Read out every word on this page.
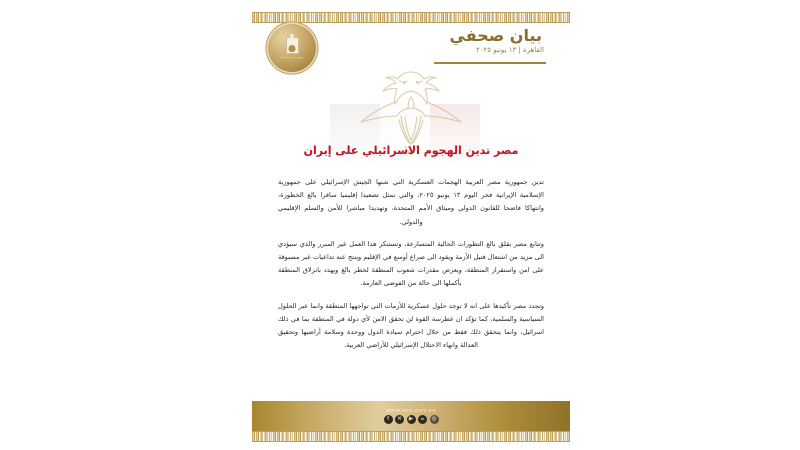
بيان صحفي
القاهرة | ١٣ يونيو ٢٠٢٥
جمهورية مصر العربية
مصر تدين الهجوم الاسرائيلي على إيران

تدين جمهورية مصر العربية الهجمات العسكرية التي شنها الجيش الإسرائيلي على جمهورية الإسلامية الإيرانية فجر اليوم ١٣ يونيو ٢٠٢٥، والتي تمثل تصعيدا إقليميا سافرا بالغ الخطورة، وانتهاكا فاضحا للقانون الدولي وميثاق الأمم المتحدة، وتهديدا مباشرا للأمن والسلم الإقليمي والدولي.

وتتابع مصر بقلق بالغ التطورات الحالية المتسارعة، وتستنكر هذا العمل غير المبرر والذي سيؤدي الى مزيد من اشتعال فتيل الأزمة ويقود الى صراع أوسع في الإقليم وينتج عنه تداعيات غير مسبوقة على امن واستقرار المنطقة، ويعرض مقدرات شعوب المنطقة لخطر بالغ ويهدد بانزلاق المنطقة بأكملها الى حالة من الفوضى العارمة.

وتجدد مصر تأكيدها على انه لا توجد حلول عسكرية للأزمات التي تواجهها المنطقة وانما عبر الحلول السياسية والسلمية، كما تؤكد ان غطرسة القوة لن تحقق الامن لأي دولة في المنطقة بما في ذلك اسرائيل، وانما يتحقق ذلك فقط من خلال احترام سيادة الدول ووحدة وسلامة أراضيها وتحقيق العدالة وانهاء الاحتلال الإسرائيلي للأراضي العربية.

WWW.MFA.GOV.EG
f	✕	▶	in	◎
